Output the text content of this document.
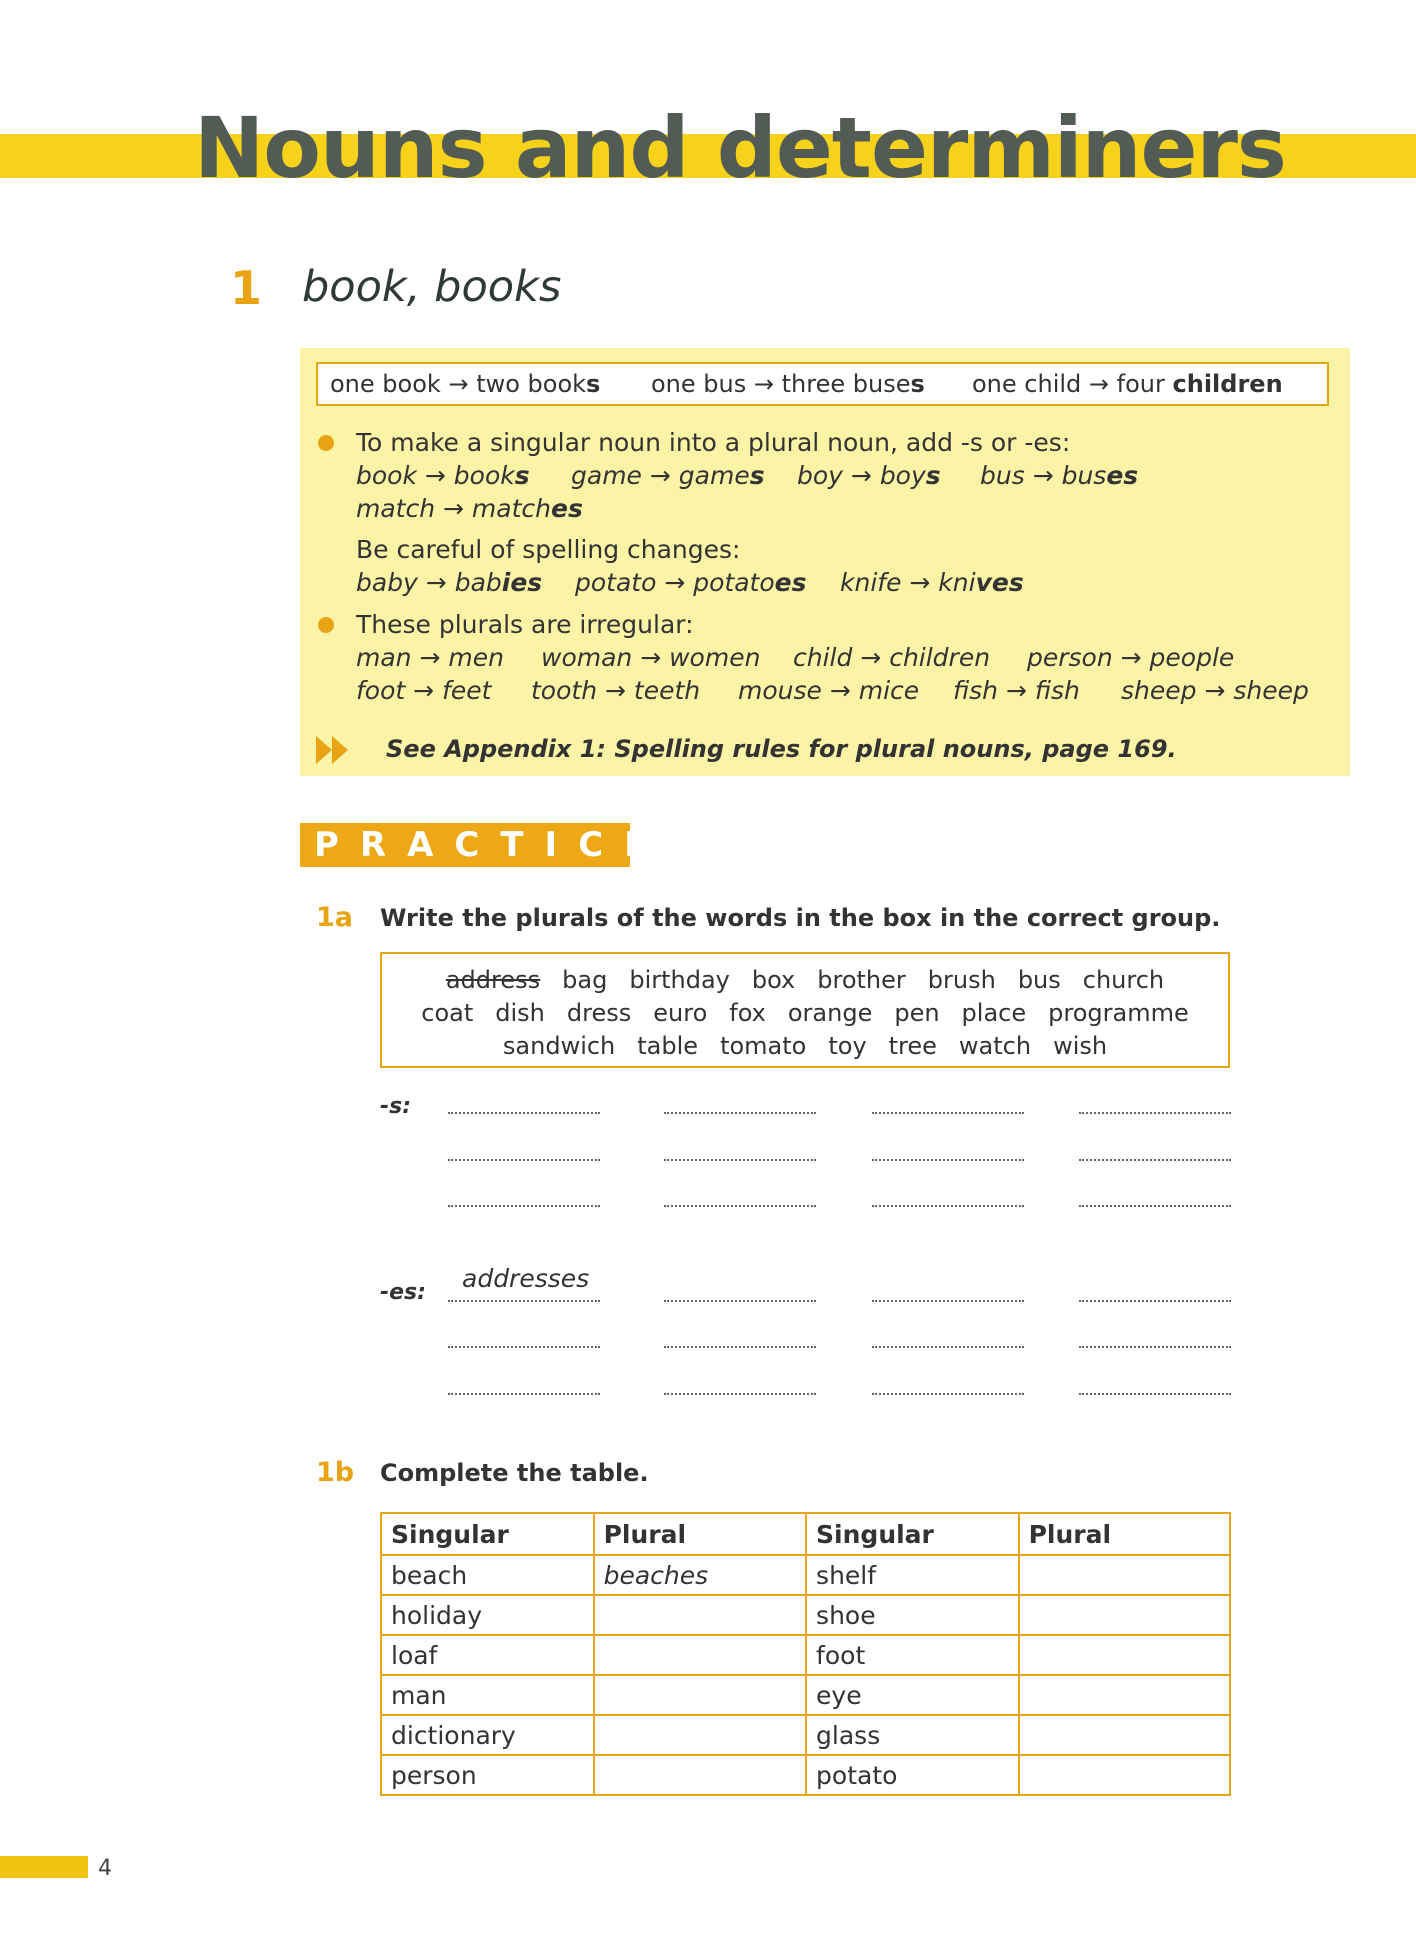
Nouns and determiners
1 book, books
one book → two books one bus → three buses one child → four children
To make a singular noun into a plural noun, add -s or -es:
book → books game → games boy → boys bus → buses
match → matches
Be careful of spelling changes:
baby → babies potato → potatoes knife → knives
These plurals are irregular:
man → men woman → women child → children person → people
foot → feet tooth → teeth mouse → mice fish → fish sheep → sheep
See Appendix 1: Spelling rules for plural nouns, page 169.
PRACTICE
1a Write the plurals of the words in the box in the correct group.
address bag birthday box brother brush bus church
coat dish dress euro fox orange pen place programme
sandwich table tomato toy tree watch wish
-s:
-es: addresses
1b Complete the table.
Singular	Plural	Singular	Plural
beach	beaches	shelf	
holiday		shoe	
loaf		foot	
man		eye	
dictionary		glass	
person		potato	
4
